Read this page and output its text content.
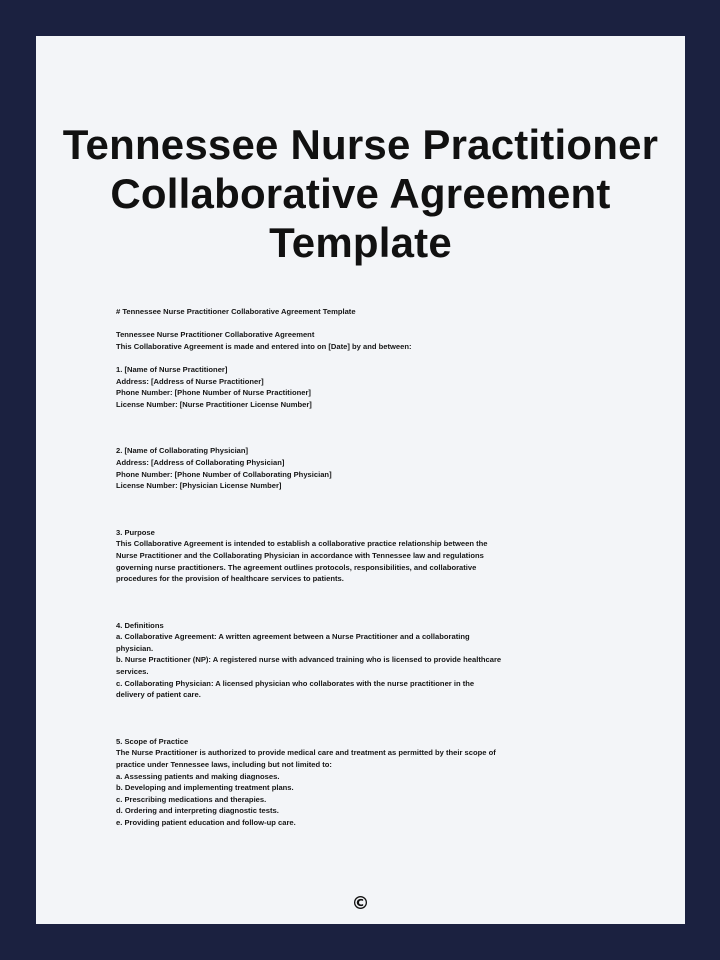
Tennessee Nurse Practitioner Collaborative Agreement Template
# Tennessee Nurse Practitioner Collaborative Agreement Template
Tennessee Nurse Practitioner Collaborative Agreement
This Collaborative Agreement is made and entered into on [Date] by and between:
1. [Name of Nurse Practitioner]
Address: [Address of Nurse Practitioner]
Phone Number: [Phone Number of Nurse Practitioner]
License Number: [Nurse Practitioner License Number]
2. [Name of Collaborating Physician]
Address: [Address of Collaborating Physician]
Phone Number: [Phone Number of Collaborating Physician]
License Number: [Physician License Number]
3. Purpose
This Collaborative Agreement is intended to establish a collaborative practice relationship between the
Nurse Practitioner and the Collaborating Physician in accordance with Tennessee law and regulations
governing nurse practitioners. The agreement outlines protocols, responsibilities, and collaborative
procedures for the provision of healthcare services to patients.
4. Definitions
a. Collaborative Agreement: A written agreement between a Nurse Practitioner and a collaborating
physician.
b. Nurse Practitioner (NP): A registered nurse with advanced training who is licensed to provide healthcare
services.
c. Collaborating Physician: A licensed physician who collaborates with the nurse practitioner in the
delivery of patient care.
5. Scope of Practice
The Nurse Practitioner is authorized to provide medical care and treatment as permitted by their scope of
practice under Tennessee laws, including but not limited to:
a. Assessing patients and making diagnoses.
b. Developing and implementing treatment plans.
c. Prescribing medications and therapies.
d. Ordering and interpreting diagnostic tests.
e. Providing patient education and follow-up care.
©
